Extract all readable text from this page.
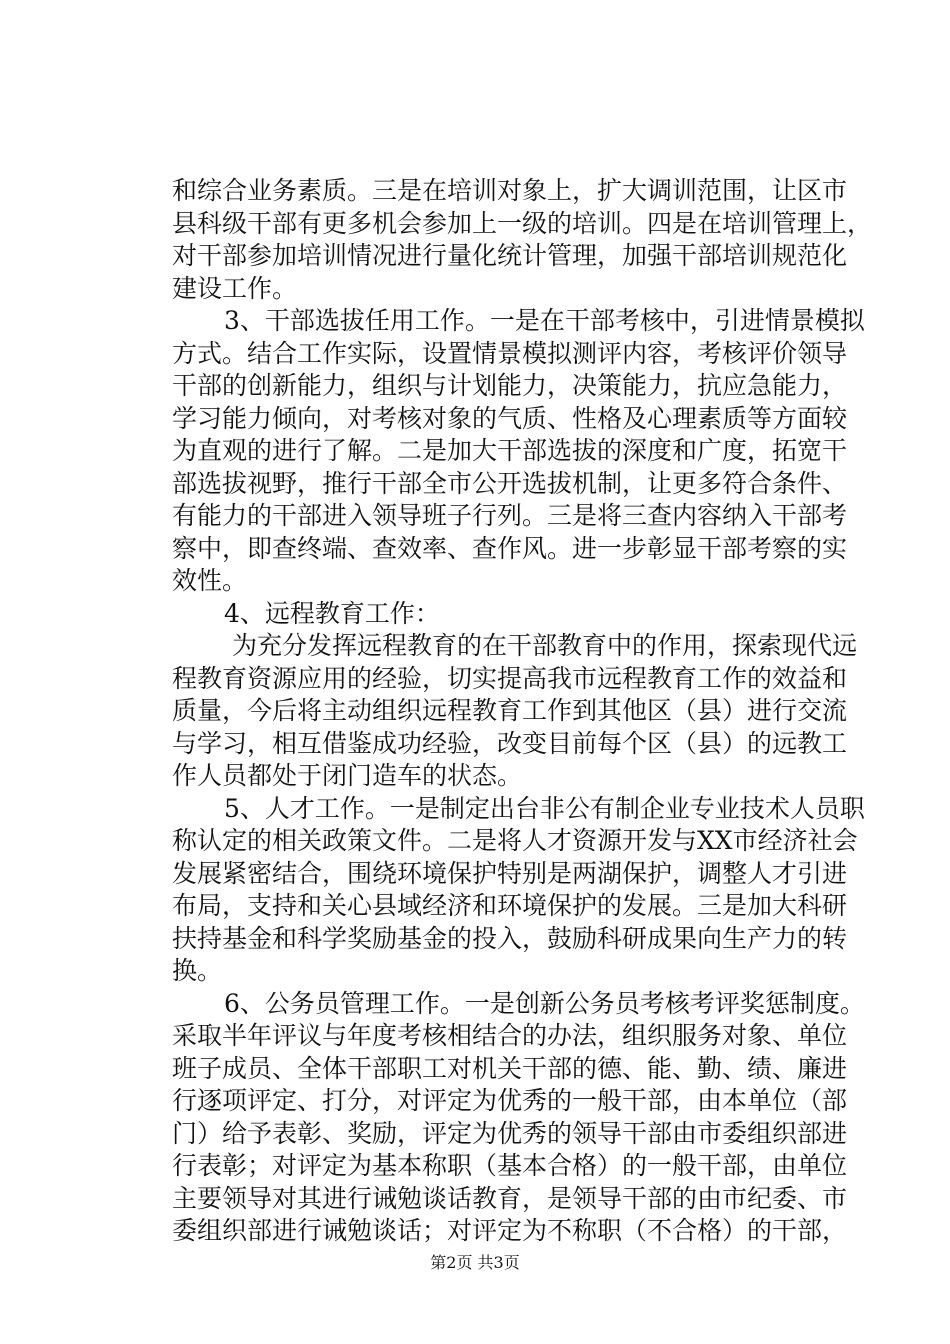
和综合业务素质。三是在培训对象上，扩大调训范围，让区市
县科级干部有更多机会参加上一级的培训。四是在培训管理上，
对干部参加培训情况进行量化统计管理，加强干部培训规范化
建设工作。
3、干部选拔任用工作。一是在干部考核中，引进情景模拟
方式。结合工作实际，设置情景模拟测评内容，考核评价领导
干部的创新能力，组织与计划能力，决策能力，抗应急能力，
学习能力倾向，对考核对象的气质、性格及心理素质等方面较
为直观的进行了解。二是加大干部选拔的深度和广度，拓宽干
部选拔视野，推行干部全市公开选拔机制，让更多符合条件、
有能力的干部进入领导班子行列。三是将三查内容纳入干部考
察中，即查终端、查效率、查作风。进一步彰显干部考察的实
效性。
4、远程教育工作：
为充分发挥远程教育的在干部教育中的作用，探索现代远
程教育资源应用的经验，切实提高我市远程教育工作的效益和
质量，今后将主动组织远程教育工作到其他区（县）进行交流
与学习，相互借鉴成功经验，改变目前每个区（县）的远教工
作人员都处于闭门造车的状态。
5、人才工作。一是制定出台非公有制企业专业技术人员职
称认定的相关政策文件。二是将人才资源开发与XX市经济社会
发展紧密结合，围绕环境保护特别是两湖保护，调整人才引进
布局，支持和关心县域经济和环境保护的发展。三是加大科研
扶持基金和科学奖励基金的投入，鼓励科研成果向生产力的转
换。
6、公务员管理工作。一是创新公务员考核考评奖惩制度。
采取半年评议与年度考核相结合的办法，组织服务对象、单位
班子成员、全体干部职工对机关干部的德、能、勤、绩、廉进
行逐项评定、打分，对评定为优秀的一般干部，由本单位（部
门）给予表彰、奖励，评定为优秀的领导干部由市委组织部进
行表彰；对评定为基本称职（基本合格）的一般干部，由单位
主要领导对其进行诫勉谈话教育，是领导干部的由市纪委、市
委组织部进行诫勉谈话；对评定为不称职（不合格）的干部，
第2页 共3页
